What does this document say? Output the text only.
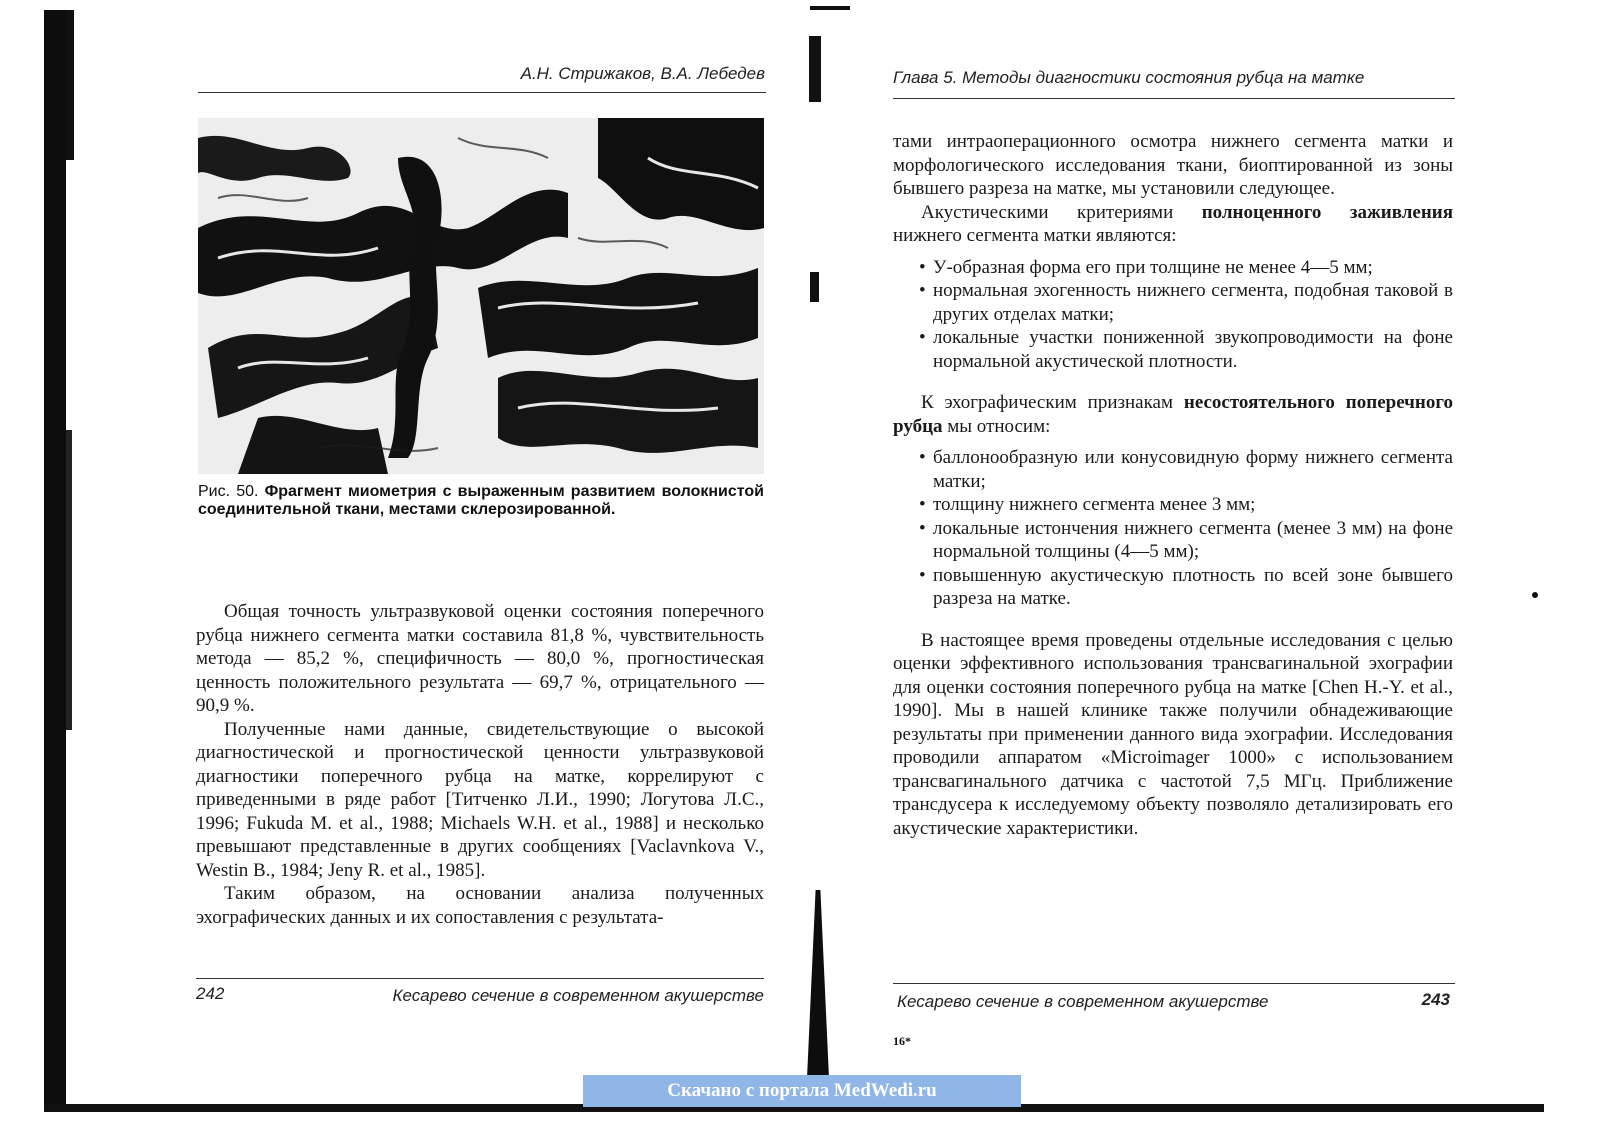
А.Н. Стрижаков, В.А. Лебедев
Рис. 50. Фрагмент миометрия с выраженным развитием волокнистой соединительной ткани, местами склерозированной.

Общая точность ультразвуковой оценки состояния поперечного рубца нижнего сегмента матки составила 81,8 %, чувствительность метода — 85,2 %, специфичность — 80,0 %, прогностическая ценность положительного результата — 69,7 %, отрицательного — 90,9 %.

Полученные нами данные, свидетельствующие о высокой диагностической и прогностической ценности ультразвуковой диагностики поперечного рубца на матке, коррелируют с приведенными в ряде работ [Титченко Л.И., 1990; Логутова Л.С., 1996; Fukuda M. et al., 1988; Michaels W.H. et al., 1988] и несколько превышают представленные в других сообщениях [Vaclavnkova V., Westin B., 1984; Jeny R. et al., 1985].

Таким образом, на основании анализа полученных эхографических данных и их сопоставления с результата-

242	Кесарево сечение в современном акушерстве
Глава 5. Методы диагностики состояния рубца на матке

тами интраоперационного осмотра нижнего сегмента матки и морфологического исследования ткани, биоптированной из зоны бывшего разреза на матке, мы установили следующее.

Акустическими критериями полноценного заживления нижнего сегмента матки являются:

• У-образная форма его при толщине не менее 4—5 мм;
• нормальная эхогенность нижнего сегмента, подобная таковой в других отделах матки;
• локальные участки пониженной звукопроводимости на фоне нормальной акустической плотности.

К эхографическим признакам несостоятельного поперечного рубца мы относим:

• баллонообразную или конусовидную форму нижнего сегмента матки;
• толщину нижнего сегмента менее 3 мм;
• локальные истончения нижнего сегмента (менее 3 мм) на фоне нормальной толщины (4—5 мм);
• повышенную акустическую плотность по всей зоне бывшего разреза на матке.

В настоящее время проведены отдельные исследования с целью оценки эффективного использования трансвагинальной эхографии для оценки состояния поперечного рубца на матке [Chen H.-Y. et al., 1990]. Мы в нашей клинике также получили обнадеживающие результаты при применении данного вида эхографии. Исследования проводили аппаратом «Microimager 1000» с использованием трансвагинального датчика с частотой 7,5 МГц. Приближение трансдусера к исследуемому объекту позволяло детализировать его акустические характеристики.

Кесарево сечение в современном акушерстве	243
16*
Скачано с портала MedWedi.ru
